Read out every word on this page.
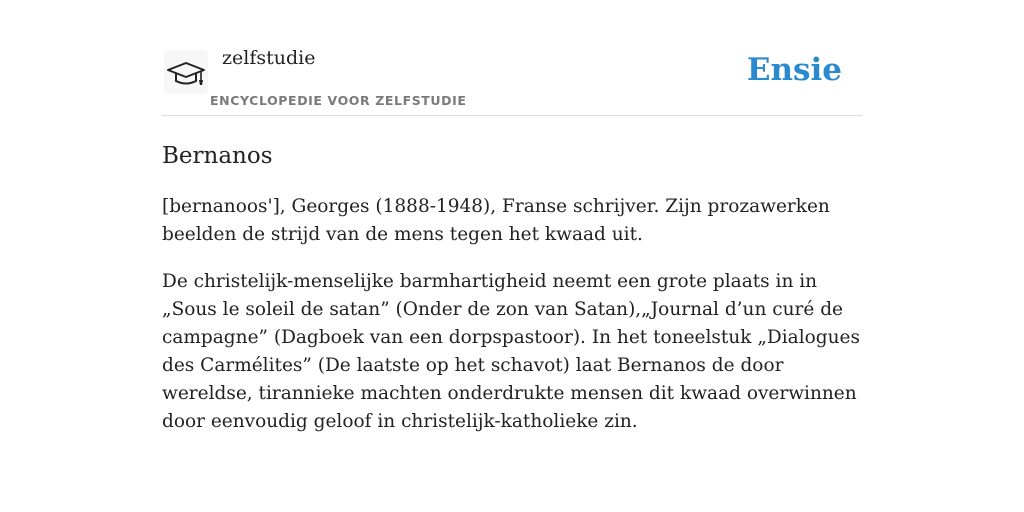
zelfstudie
ENCYCLOPEDIE VOOR ZELFSTUDIE
Ensie
Bernanos

[bernanoos'], Georges (1888-1948), Franse schrijver. Zijn prozawerken beelden de strijd van de mens tegen het kwaad uit.

De christelijk-menselijke barmhartigheid neemt een grote plaats in in „Sous le soleil de satan” (Onder de zon van Satan),„Journal d’un curé de campagne” (Dagboek van een dorpspastoor). In het toneelstuk „Dialogues des Carmélites” (De laatste op het schavot) laat Bernanos de door wereldse, tirannieke machten onderdrukte mensen dit kwaad overwinnen door eenvoudig geloof in christelijk-katholieke zin.
